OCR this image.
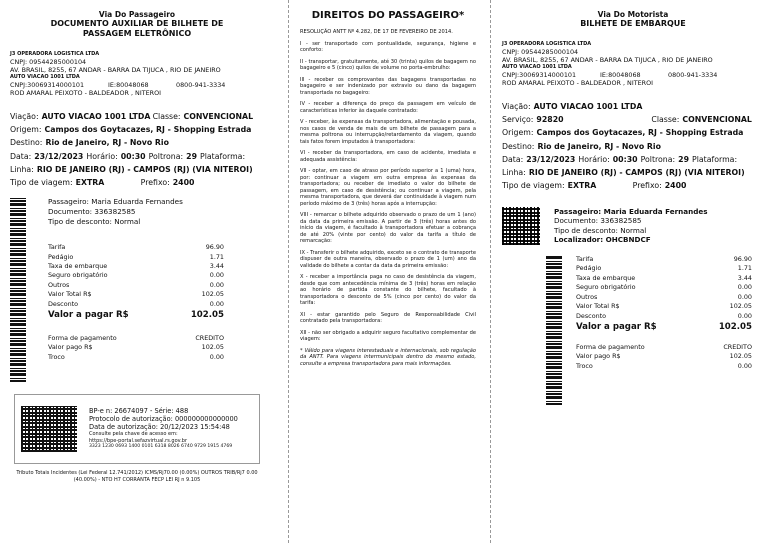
Via Do Passageiro
DOCUMENTO AUXILIAR DE BILHETE DE PASSAGEM ELETRÔNICO
J3 OPERADORA LOGISTICA LTDA
CNPJ: 09544285000104
AV. BRASIL, 8255, 67 ANDAR - BARRA DA TIJUCA , RIO DE JANEIRO
AUTO VIACAO 1001 LTDA
CNPJ:30069314000101	IE:80048068	0800-941-3334
ROD AMARAL PEIXOTO - BALDEADOR , NITEROI
Viação: AUTO VIACAO 1001 LTDA Classe: CONVENCIONAL
Origem: Campos dos Goytacazes, RJ - Shopping Estrada
Destino: Rio de Janeiro, RJ - Novo Rio
Data: 23/12/2023 Horário: 00:30 Poltrona: 29 Plataforma:
Linha: RIO DE JANEIRO (RJ) - CAMPOS (RJ) (VIA NITEROI)
Tipo de viagem: EXTRA	Prefixo: 2400
Passageiro: Maria Eduarda Fernandes
Documento: 336382585
Tipo de desconto: Normal
Tarifa	96.90
Pedágio	1.71
Taxa de embarque	3.44
Seguro obrigatório	0.00
Outros	0.00
Valor Total R$	102.05
Desconto	0.00
Valor a pagar R$	102.05
Forma de pagamento	CREDITO
Valor pago R$	102.05
Troco	0.00
BP-e n: 26674097 - Série: 488
Protocolo de autorização: 000000000000000
Data de autorização: 20/12/2023 15:54:48
Consulte pela chave de acesso em:
https://bpe-portal.sefazvirtual.rs.gov.br
3323 1230 0693 1400 0101 6318 8026 6740 9729 1915 4769
Tributo Totais Incidentes (Lei Federal 12.741/2012) ICMS/Rj70.00 (0.00%) OUTROS TRIB/Rj7 0.00 (40.00%) - NTO H7 CORRANTA FECP LEI RJ n 9.105
DIREITOS DO PASSAGEIRO*

RESOLUÇÃO ANTT Nº 4.282, DE 17 DE FEVEREIRO DE 2014.

I - ser transportado com pontualidade, segurança, higiene e conforto:

II - transportar, gratuitamente, até 30 (trinta) quilos de bagagem no bagageiro e 5 (cinco) quilos de volume no porta-embrulho:

III - receber os comprovantes das bagagens transportadas no bagageiro e ser indenizado por extravio ou dano da bagagem transportada no bagageiro:

IV - receber a diferença do preço da passagem em veículo de características inferior às daquele contratado:

V - receber, às expensas da transportadora, alimentação e pousada, nos casos de venda de mais de um bilhete de passagem para a mesma poltrona ou interrupção/retardamento da viagem, quando tais fatos forem imputados à transportadora:

VI - receber da transportadora, em caso de acidente, imediata e adequada assistência:

VII - optar, em caso de atraso por período superior a 1 (uma) hora, por: continuar a viagem em outra empresa às expensas da transportadora; ou receber de imediato o valor do bilhete de passagem, em caso de desistência; ou continuar a viagem, pela mesma transportadora, que deverá dar continuidade à viagem num período máximo de 3 (três) horas após a interrupção:

VIII - remarcar o bilhete adquirido observado o prazo de um 1 (ano) da data da primeira emissão. A partir de 3 (três) horas antes do início da viagem, é facultado à transportadora efetuar a cobrança de até 20% (vinte por cento) do valor da tarifa a título de remarcação:

IX - Transferir o bilhete adquirido, exceto se o contrato de transporte dispuser de outra maneira, observado o prazo de 1 (um) ano da validade do bilhete a contar da data da primeira emissão:

X - receber a importância paga no caso de desistência da viagem, desde que com antecedência mínima de 3 (três) horas em relação ao horário de partida constante do bilhete, facultado à transportadora o desconto de 5% (cinco por cento) do valor da tarifa:

XI - estar garantido pelo Seguro de Responsabilidade Civil contratado pela transportadora:

XII - não ser obrigado a adquirir seguro facultativo complementar de viagem:

* Válido para viagens interestaduais e internacionais, sob regulação da ANTT. Para viagens intermunicipais dentro do mesmo estado, consulte a empresa transportadora para mais informações.

Via Do Motorista
BILHETE DE EMBARQUE
J3 OPERADORA LOGISTICA LTDA
CNPJ: 09544285000104
AV. BRASIL, 8255, 67 ANDAR - BARRA DA TIJUCA , RIO DE JANEIRO
AUTO VIACAO 1001 LTDA
CNPJ:30069314000101	IE:80048068	0800-941-3334
ROD AMARAL PEIXOTO - BALDEADOR , NITEROI
Viação: AUTO VIACAO 1001 LTDA
Serviço: 92820	Classe: CONVENCIONAL
Origem: Campos dos Goytacazes, RJ - Shopping Estrada
Destino: Rio de Janeiro, RJ - Novo Rio
Data: 23/12/2023 Horário: 00:30 Poltrona: 29 Plataforma:
Linha: RIO DE JANEIRO (RJ) - CAMPOS (RJ) (VIA NITEROI)
Tipo de viagem: EXTRA	Prefixo: 2400
Passageiro: Maria Eduarda Fernandes
Documento: 336382585
Tipo de desconto: Normal
Localizador: OHCBNDCF
Tarifa	96.90
Pedágio	1.71
Taxa de embarque	3.44
Seguro obrigatório	0.00
Outros	0.00
Valor Total R$	102.05
Desconto	0.00
Valor a pagar R$	102.05
Forma de pagamento	CREDITO
Valor pago R$	102.05
Troco	0.00
